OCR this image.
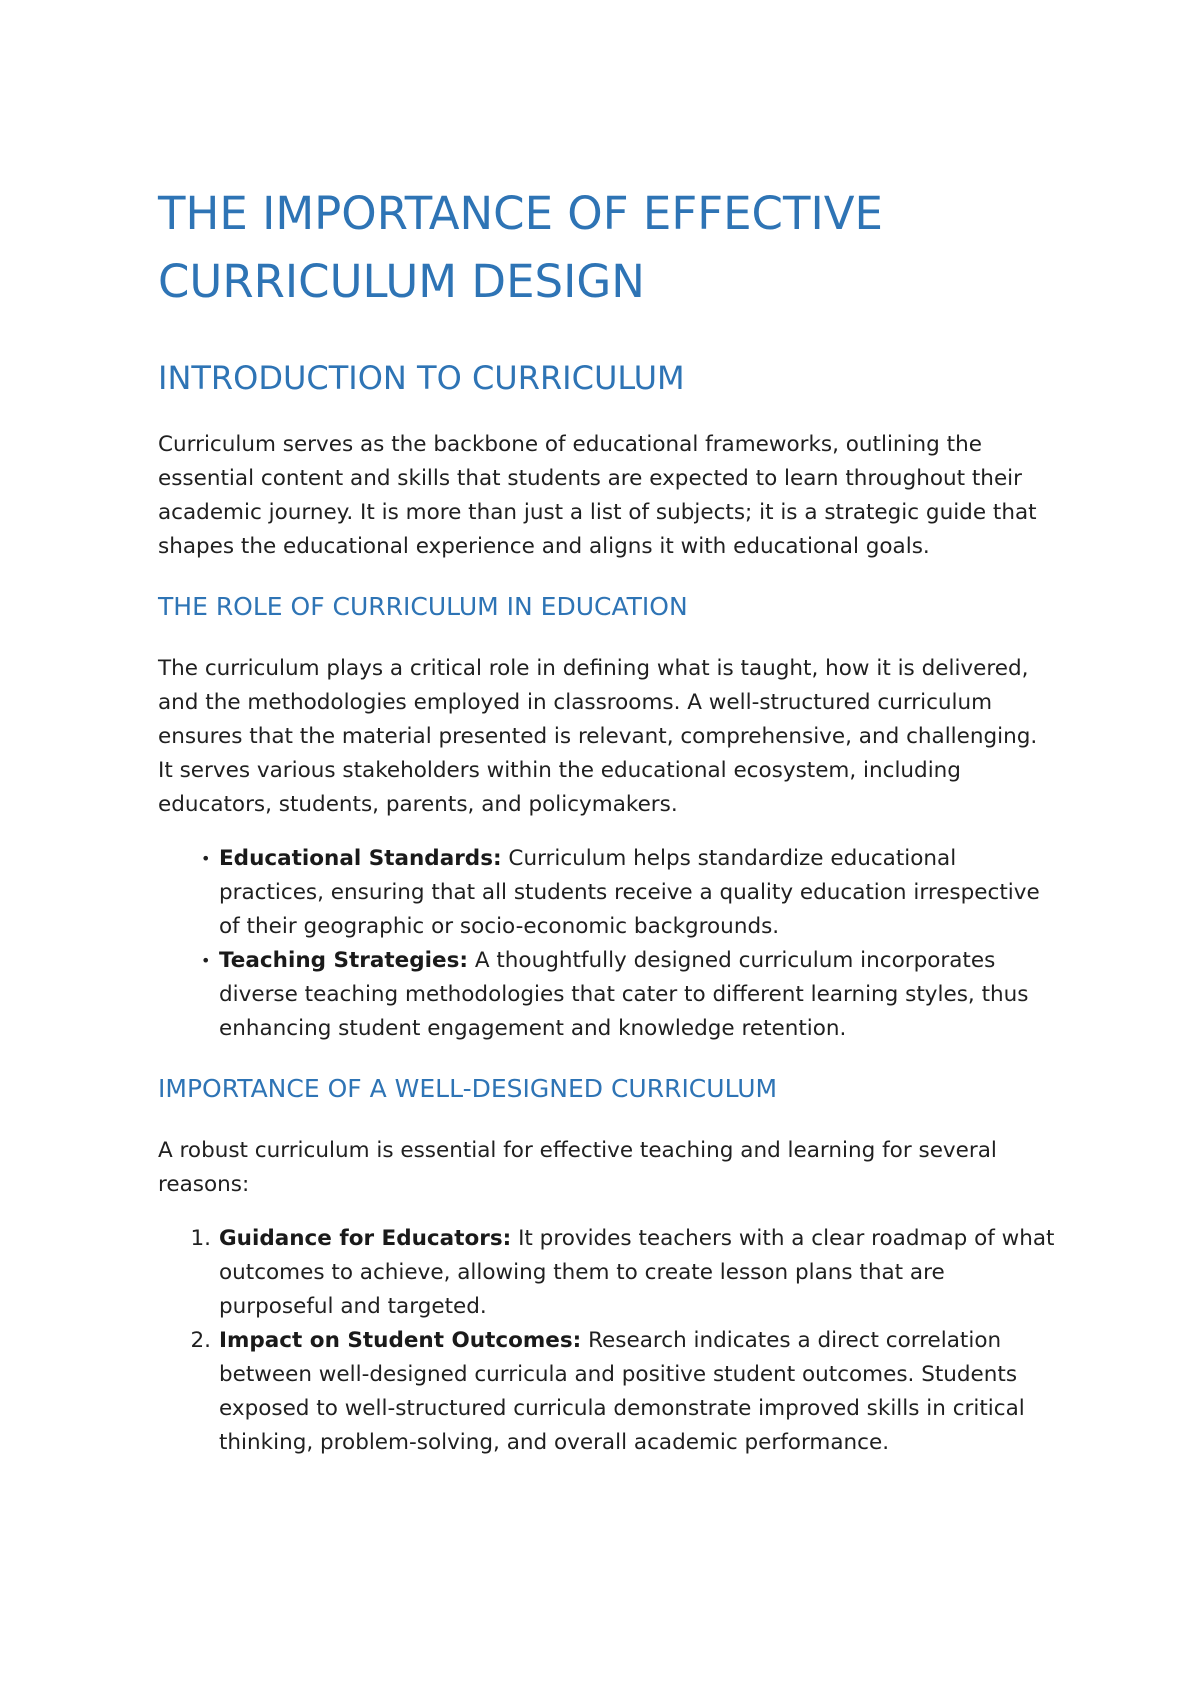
THE IMPORTANCE OF EFFECTIVE CURRICULUM DESIGN
INTRODUCTION TO CURRICULUM

Curriculum serves as the backbone of educational frameworks, outlining the essential content and skills that students are expected to learn throughout their academic journey. It is more than just a list of subjects; it is a strategic guide that shapes the educational experience and aligns it with educational goals.

THE ROLE OF CURRICULUM IN EDUCATION

The curriculum plays a critical role in defining what is taught, how it is delivered, and the methodologies employed in classrooms. A well-structured curriculum ensures that the material presented is relevant, comprehensive, and challenging. It serves various stakeholders within the educational ecosystem, including educators, students, parents, and policymakers.

• Educational Standards: Curriculum helps standardize educational practices, ensuring that all students receive a quality education irrespective of their geographic or socio-economic backgrounds.
• Teaching Strategies: A thoughtfully designed curriculum incorporates diverse teaching methodologies that cater to different learning styles, thus enhancing student engagement and knowledge retention.
IMPORTANCE OF A WELL-DESIGNED CURRICULUM

A robust curriculum is essential for effective teaching and learning for several reasons:

1. Guidance for Educators: It provides teachers with a clear roadmap of what outcomes to achieve, allowing them to create lesson plans that are purposeful and targeted.
2. Impact on Student Outcomes: Research indicates a direct correlation between well-designed curricula and positive student outcomes. Students exposed to well-structured curricula demonstrate improved skills in critical thinking, problem-solving, and overall academic performance.
